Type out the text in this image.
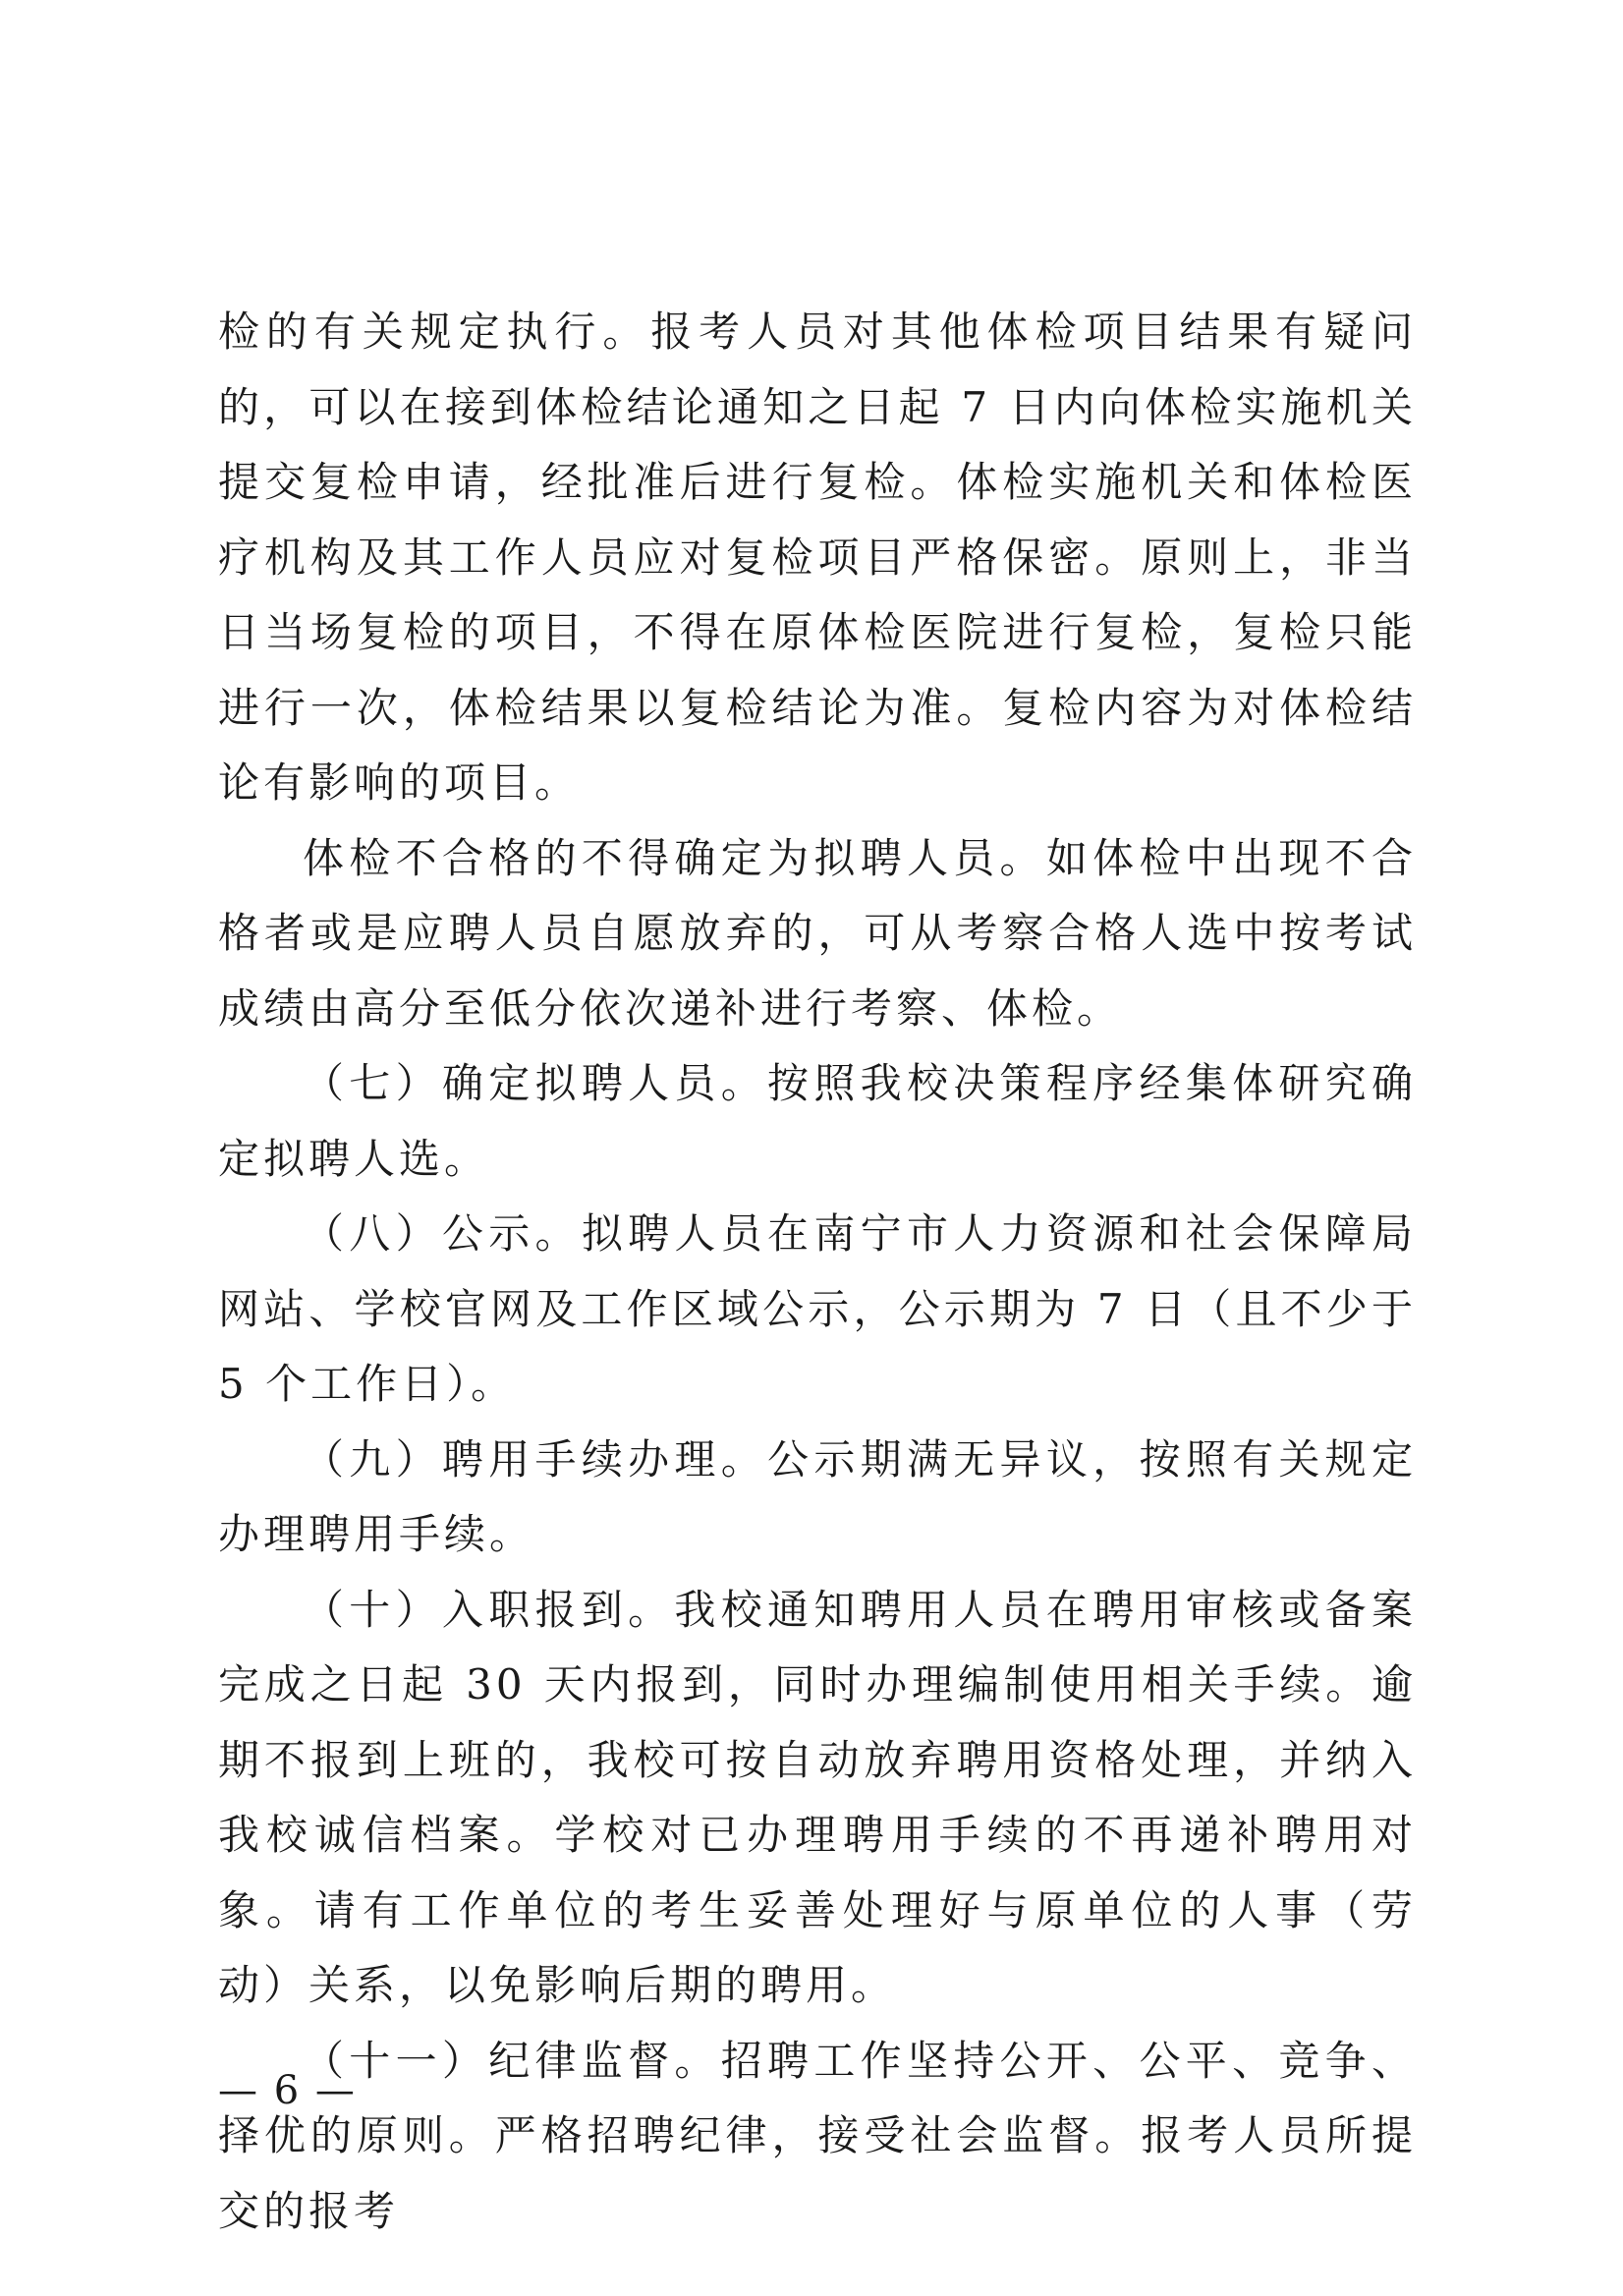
检的有关规定执行。报考人员对其他体检项目结果有疑问的，可以在接到体检结论通知之日起 7 日内向体检实施机关提交复检申请，经批准后进行复检。体检实施机关和体检医疗机构及其工作人员应对复检项目严格保密。原则上，非当日当场复检的项目，不得在原体检医院进行复检，复检只能进行一次，体检结果以复检结论为准。复检内容为对体检结论有影响的项目。

体检不合格的不得确定为拟聘人员。如体检中出现不合格者或是应聘人员自愿放弃的，可从考察合格人选中按考试成绩由高分至低分依次递补进行考察、体检。

（七）确定拟聘人员。按照我校决策程序经集体研究确定拟聘人选。

（八）公示。拟聘人员在南宁市人力资源和社会保障局网站、学校官网及工作区域公示，公示期为 7 日（且不少于 5 个工作日）。

（九）聘用手续办理。公示期满无异议，按照有关规定办理聘用手续。

（十）入职报到。我校通知聘用人员在聘用审核或备案完成之日起 30 天内报到，同时办理编制使用相关手续。逾期不报到上班的，我校可按自动放弃聘用资格处理，并纳入我校诚信档案。学校对已办理聘用手续的不再递补聘用对象。请有工作单位的考生妥善处理好与原单位的人事（劳动）关系，以免影响后期的聘用。

（十一）纪律监督。招聘工作坚持公开、公平、竞争、择优的原则。严格招聘纪律，接受社会监督。报考人员所提交的报考

— 6 —
